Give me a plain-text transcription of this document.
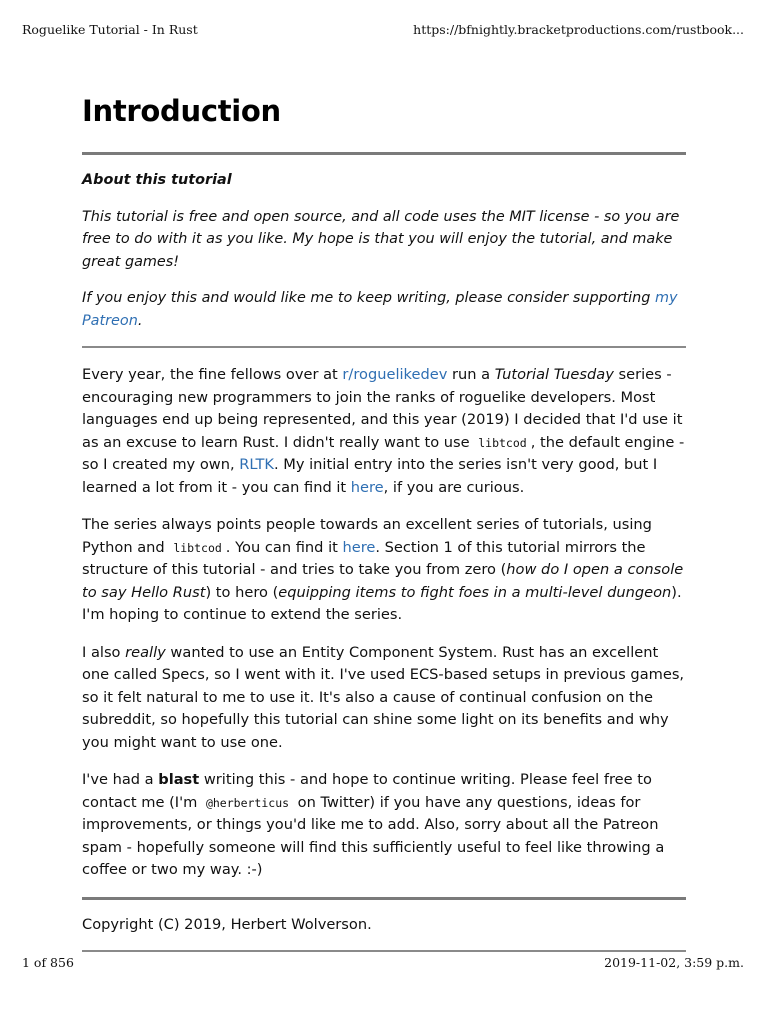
Roguelike Tutorial - In Rust	https://bfnightly.bracketproductions.com/rustbook...
Introduction

About this tutorial

This tutorial is free and open source, and all code uses the MIT license - so you are free to do with it as you like. My hope is that you will enjoy the tutorial, and make great games!

If you enjoy this and would like me to keep writing, please consider supporting my Patreon.

Every year, the fine fellows over at r/roguelikedev run a Tutorial Tuesday series - encouraging new programmers to join the ranks of roguelike developers. Most languages end up being represented, and this year (2019) I decided that I'd use it as an excuse to learn Rust. I didn't really want to use libtcod , the default engine - so I created my own, RLTK. My initial entry into the series isn't very good, but I learned a lot from it - you can find it here, if you are curious.

The series always points people towards an excellent series of tutorials, using Python and libtcod . You can find it here. Section 1 of this tutorial mirrors the structure of this tutorial - and tries to take you from zero (how do I open a console to say Hello Rust) to hero (equipping items to fight foes in a multi-level dungeon). I'm hoping to continue to extend the series.

I also really wanted to use an Entity Component System. Rust has an excellent one called Specs, so I went with it. I've used ECS-based setups in previous games, so it felt natural to me to use it. It's also a cause of continual confusion on the subreddit, so hopefully this tutorial can shine some light on its benefits and why you might want to use one.

I've had a blast writing this - and hope to continue writing. Please feel free to contact me (I'm @herberticus on Twitter) if you have any questions, ideas for improvements, or things you'd like me to add. Also, sorry about all the Patreon spam - hopefully someone will find this sufficiently useful to feel like throwing a coffee or two my way. :-)

Copyright (C) 2019, Herbert Wolverson.
1 of 856	2019-11-02, 3:59 p.m.
